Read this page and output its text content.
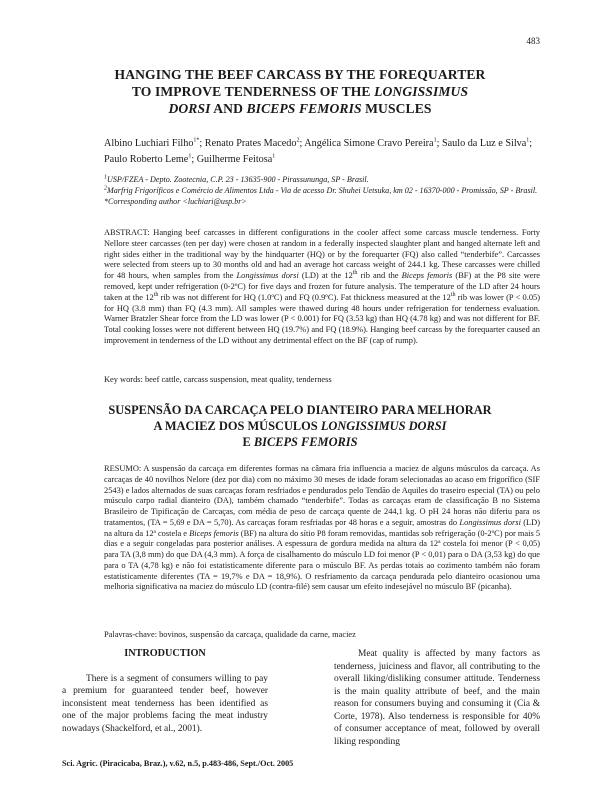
483
HANGING THE BEEF CARCASS BY THE FOREQUARTER
TO IMPROVE TENDERNESS OF THE LONGISSIMUS
DORSI AND BICEPS FEMORIS MUSCLES
Albino Luchiari Filho$^{1*}$; Renato Prates Macedo$^2$; Angélica Simone Cravo Pereira$^1$; Saulo da Luz e Silva$^1$; Paulo Roberto Leme$^1$; Guilherme Feitosa$^1$
$^1$USP/FZEA - Depto. Zootecnia, C.P. 23 - 13635-900 - Pirassununga, SP - Brasil.
$^2$Marfrig Frigoríficos e Comércio de Alimentos Ltda - Via de acesso Dr. Shuhei Uetsuka, km 02 - 16370-000 - Promissão, SP - Brasil.
*Corresponding author <luchiari@usp.br>
ABSTRACT: Hanging beef carcasses in different configurations in the cooler affect some carcass muscle tenderness. Forty Nellore steer carcasses (ten per day) were chosen at random in a federally inspected slaughter plant and hanged alternate left and right sides either in the traditional way by the hindquarter (HQ) or by the forequarter (FQ) also called “tenderbife”. Carcasses were selected from steers up to 30 months old and had an average hot carcass weight of 244.1 kg. These carcasses were chilled for 48 hours, when samples from the Longissimus dorsi (LD) at the 12th rib and the Biceps femoris (BF) at the P8 site were removed, kept under refrigeration (0-2ºC) for five days and frozen for future analysis. The temperature of the LD after 24 hours taken at the 12th rib was not different for HQ (1.0ºC) and FQ (0.9ºC). Fat thickness measured at the 12th rib was lower (P < 0.05) for HQ (3.8 mm) than FQ (4.3 mm). All samples were thawed during 48 hours under refrigeration for tenderness evaluation. Warner Bratzler Shear force from the LD was lower (P < 0.001) for FQ (3.53 kg) than HQ (4.78 kg) and was not different for BF. Total cooking losses were not different between HQ (19.7%) and FQ (18.9%). Hanging beef carcass by the forequarter caused an improvement in tenderness of the LD without any detrimental effect on the BF (cap of rump).
Key words: beef cattle, carcass suspension, meat quality, tenderness
SUSPENSÃO DA CARCAÇA PELO DIANTEIRO PARA MELHORAR
A MACIEZ DOS MÚSCULOS LONGISSIMUS DORSI
E BICEPS FEMORIS
RESUMO: A suspensão da carcaça em diferentes formas na câmara fria influencia a maciez de alguns músculos da carcaça. As carcaças de 40 novilhos Nelore (dez por dia) com no máximo 30 meses de idade foram selecionadas ao acaso em frigorífico (SIF 2543) e lados alternados de suas carcaças foram resfriados e pendurados pelo Tendão de Aquiles do traseiro especial (TA) ou pelo músculo carpo radial dianteiro (DA), também chamado “tenderbife”. Todas as carcaças eram de classificação B no Sistema Brasileiro de Tipificação de Carcaças, com média de peso de carcaça quente de 244,1 kg. O pH 24 horas não diferiu para os tratamentos, (TA = 5,69 e DA = 5,70). As carcaças foram resfriadas por 48 horas e a seguir, amostras do Longissimus dorsi (LD) na altura da 12ª costela e Biceps femoris (BF) na altura do sítio P8 foram removidas, mantidas sob refrigeração (0-2ºC) por mais 5 dias e a seguir congeladas para posterior análises. A espessura de gordura medida na altura da 12ª costela foi menor (P < 0,05) para TA (3,8 mm) do que DA (4,3 mm). A força de cisalhamento do músculo LD foi menor (P < 0,01) para o DA (3,53 kg) do que para o TA (4,78 kg) e não foi estatisticamente diferente para o músculo BF. As perdas totais ao cozimento também não foram estatisticamente diferentes (TA = 19,7% e DA = 18,9%). O resfriamento da carcaça pendurada pelo dianteiro ocasionou uma melhoria significativa na maciez do músculo LD (contra-filé) sem causar um efeito indesejável no músculo BF (picanha).
Palavras-chave: bovinos, suspensão da carcaça, qualidade da carne, maciez
INTRODUCTION

There is a segment of consumers willing to pay a premium for guaranteed tender beef, however inconsistent meat tenderness has been identified as one of the major problems facing the meat industry nowadays (Shackelford, et al., 2001).

Meat quality is affected by many factors as tenderness, juiciness and flavor, all contributing to the overall liking/disliking consumer attitude. Tenderness is the main quality attribute of beef, and the main reason for consumers buying and consuming it (Cia & Corte, 1978). Also tenderness is responsible for 40% of consumer acceptance of meat, followed by overall liking responding

Sci. Agric. (Piracicaba, Braz.), v.62, n.5, p.483-486, Sept./Oct. 2005
